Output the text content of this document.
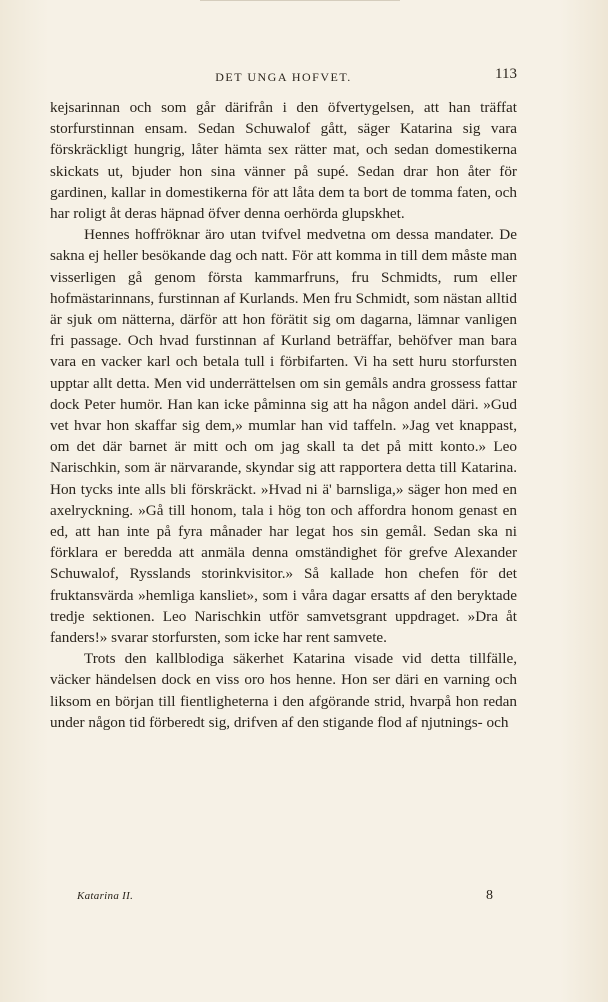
DET UNGA HOFVET.	113

kejsarinnan och som går därifrån i den öfvertygelsen, att han träffat storfurstinnan ensam. Sedan Schuwalof gått, säger Katarina sig vara förskräckligt hungrig, låter hämta sex rätter mat, och sedan domestikerna skickats ut, bjuder hon sina vänner på supé. Sedan drar hon åter för gardinen, kallar in domestikerna för att låta dem ta bort de tomma faten, och har roligt åt deras häpnad öfver denna oerhörda glupskhet.

Hennes hoffröknar äro utan tvifvel medvetna om dessa mandater. De sakna ej heller besökande dag och natt. För att komma in till dem måste man visserligen gå genom första kammarfruns, fru Schmidts, rum eller hofmästarinnans, furstinnan af Kurlands. Men fru Schmidt, som nästan alltid är sjuk om nätterna, därför att hon förätit sig om dagarna, lämnar vanligen fri passage. Och hvad furstinnan af Kurland beträffar, behöfver man bara vara en vacker karl och betala tull i förbifarten. Vi ha sett huru storfursten upptar allt detta. Men vid underrättelsen om sin gemåls andra grossess fattar dock Peter humör. Han kan icke påminna sig att ha någon andel däri. »Gud vet hvar hon skaffar sig dem,» mumlar han vid taffeln. »Jag vet knappast, om det där barnet är mitt och om jag skall ta det på mitt konto.» Leo Narischkin, som är närvarande, skyndar sig att rapportera detta till Katarina. Hon tycks inte alls bli förskräckt. »Hvad ni ä' barnsliga,» säger hon med en axelryckning. »Gå till honom, tala i hög ton och affordra honom genast en ed, att han inte på fyra månader har legat hos sin gemål. Sedan ska ni förklara er beredda att anmäla denna omständighet för grefve Alexander Schuwalof, Rysslands storinkvisitor.» Så kallade hon chefen för det fruktansvärda »hemliga kansliet», som i våra dagar ersatts af den beryktade tredje sektionen. Leo Narischkin utför samvetsgrant uppdraget. »Dra åt fanders!» svarar storfursten, som icke har rent samvete.

Trots den kallblodiga säkerhet Katarina visade vid detta tillfälle, väcker händelsen dock en viss oro hos henne. Hon ser däri en varning och liksom en början till fientligheterna i den afgörande strid, hvarpå hon redan under någon tid förberedt sig, drifven af den stigande flod af njutnings- och

Katarina II.	8
